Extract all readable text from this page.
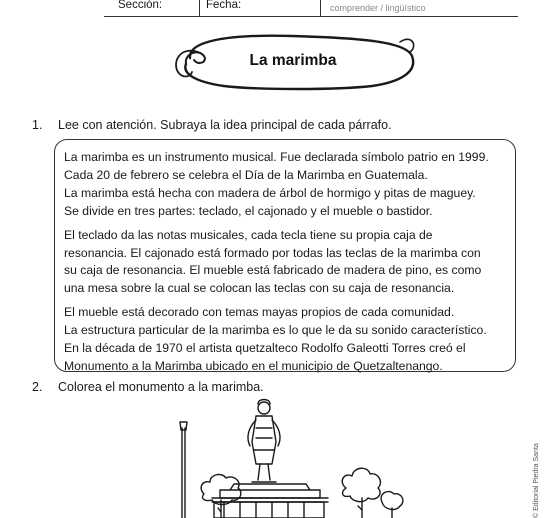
Sección:	Fecha:	comprender / lingüístico
La marimba
1. Lee con atención. Subraya la idea principal de cada párrafo.

La marimba es un instrumento musical. Fue declarada símbolo patrio en 1999.

Cada 20 de febrero se celebra el Día de la Marimba en Guatemala.

La marimba está hecha con madera de árbol de hormigo y pitas de maguey.

Se divide en tres partes: teclado, el cajonado y el mueble o bastidor.

El teclado da las notas musicales, cada tecla tiene su propia caja de

resonancia. El cajonado está formado por todas las teclas de la marimba con

su caja de resonancia. El mueble está fabricado de madera de pino, es como

una mesa sobre la cual se colocan las teclas con su caja de resonancia.

El mueble está decorado con temas mayas propios de cada comunidad.

La estructura particular de la marimba es lo que le da su sonido característico.

En la década de 1970 el artista quetzalteco Rodolfo Galeotti Torres creó el

Monumento a la Marimba ubicado en el municipio de Quetzaltenango.

2. Colorea el monumento a la marimba.
© Editorial Piedra Santa
